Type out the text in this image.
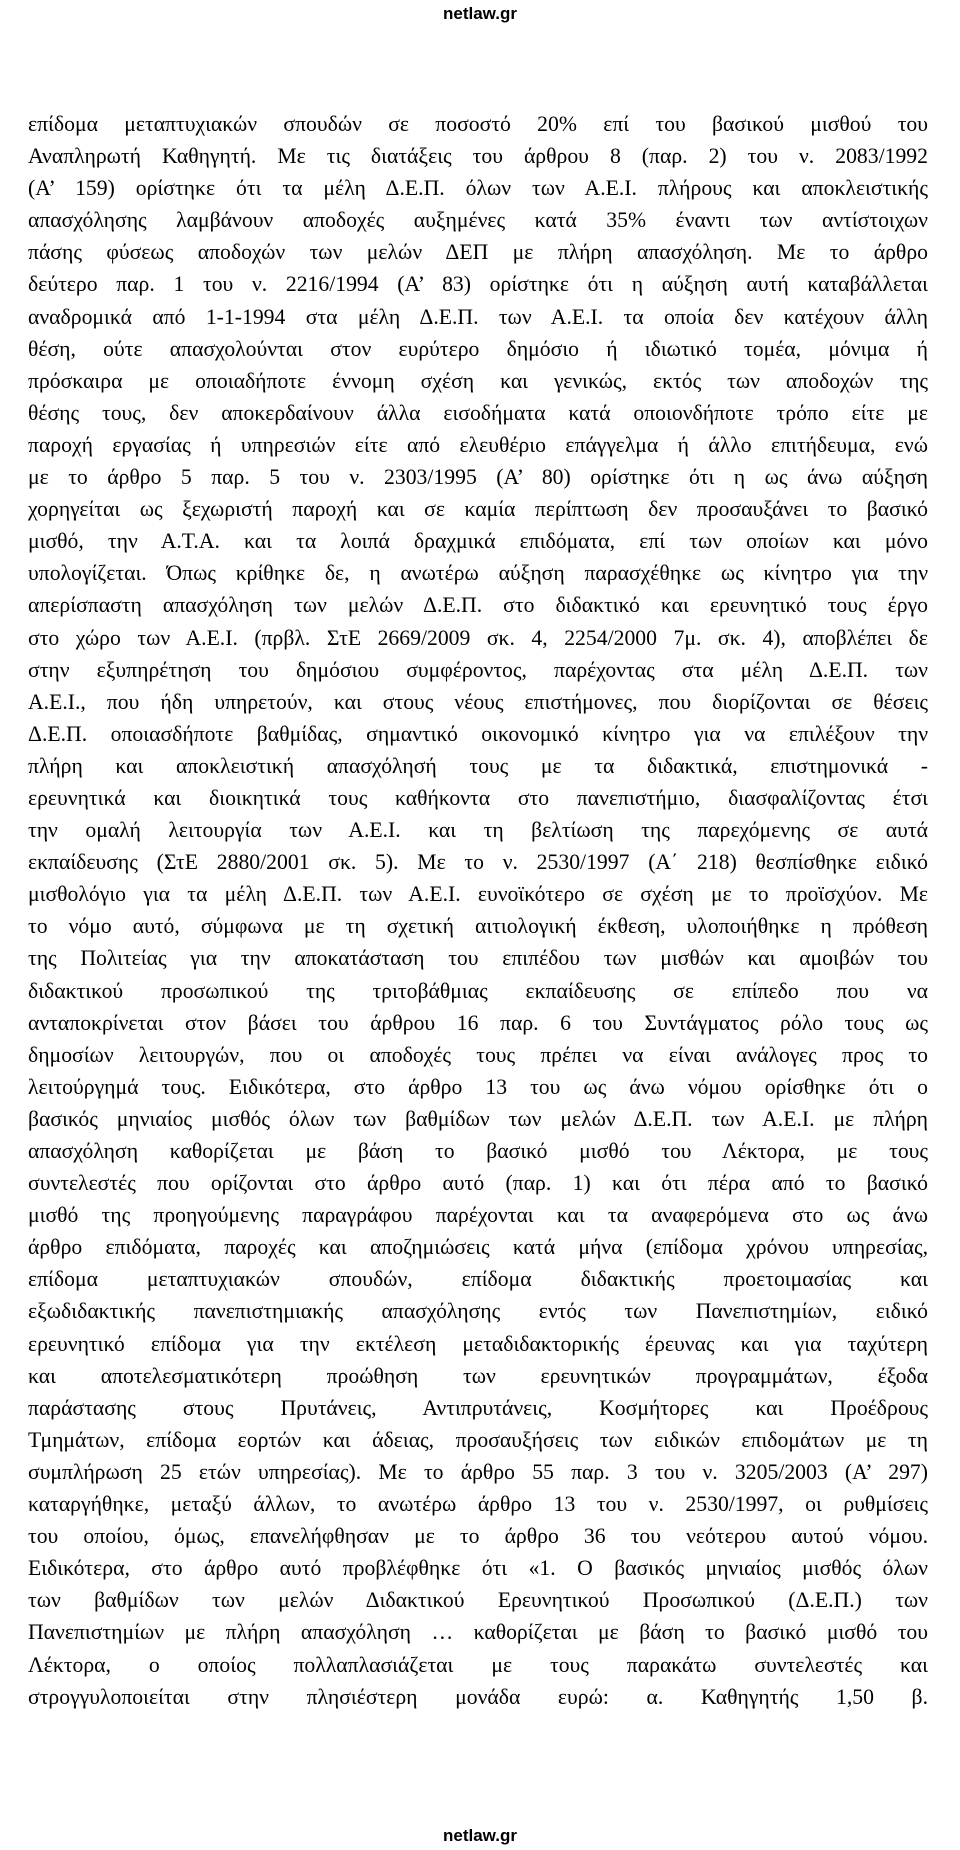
netlaw.gr
επίδομα μεταπτυχιακών σπουδών σε ποσοστό 20% επί του βασικού μισθού του
Αναπληρωτή Καθηγητή. Με τις διατάξεις του άρθρου 8 (παρ. 2) του ν. 2083/1992
(Α’ 159) ορίστηκε ότι τα μέλη Δ.Ε.Π. όλων των Α.Ε.Ι. πλήρους και αποκλειστικής
απασχόλησης λαμβάνουν αποδοχές αυξημένες κατά 35% έναντι των αντίστοιχων
πάσης φύσεως αποδοχών των μελών ΔΕΠ με πλήρη απασχόληση. Με το άρθρο
δεύτερο παρ. 1 του ν. 2216/1994 (Α’ 83) ορίστηκε ότι η αύξηση αυτή καταβάλλεται
αναδρομικά από 1-1-1994 στα μέλη Δ.Ε.Π. των Α.Ε.Ι. τα οποία δεν κατέχουν άλλη
θέση, ούτε απασχολούνται στον ευρύτερο δημόσιο ή ιδιωτικό τομέα, μόνιμα ή
πρόσκαιρα με οποιαδήποτε έννομη σχέση και γενικώς, εκτός των αποδοχών της
θέσης τους, δεν αποκερδαίνουν άλλα εισοδήματα κατά οποιονδήποτε τρόπο είτε με
παροχή εργασίας ή υπηρεσιών είτε από ελευθέριο επάγγελμα ή άλλο επιτήδευμα, ενώ
με το άρθρο 5 παρ. 5 του ν. 2303/1995 (Α’ 80) ορίστηκε ότι η ως άνω αύξηση
χορηγείται ως ξεχωριστή παροχή και σε καμία περίπτωση δεν προσαυξάνει το βασικό
μισθό, την Α.Τ.Α. και τα λοιπά δραχμικά επιδόματα, επί των οποίων και μόνο
υπολογίζεται. Όπως κρίθηκε δε, η ανωτέρω αύξηση παρασχέθηκε ως κίνητρο για την
απερίσπαστη απασχόληση των μελών Δ.Ε.Π. στο διδακτικό και ερευνητικό τους έργο
στο χώρο των Α.Ε.Ι. (πρβλ. ΣτΕ 2669/2009 σκ. 4, 2254/2000 7μ. σκ. 4), αποβλέπει δε
στην εξυπηρέτηση του δημόσιου συμφέροντος, παρέχοντας στα μέλη Δ.Ε.Π. των
Α.Ε.Ι., που ήδη υπηρετούν, και στους νέους επιστήμονες, που διορίζονται σε θέσεις
Δ.Ε.Π. οποιασδήποτε βαθμίδας, σημαντικό οικονομικό κίνητρο για να επιλέξουν την
πλήρη και αποκλειστική απασχόλησή τους με τα διδακτικά, επιστημονικά -
ερευνητικά και διοικητικά τους καθήκοντα στο πανεπιστήμιο, διασφαλίζοντας έτσι
την ομαλή λειτουργία των Α.Ε.Ι. και τη βελτίωση της παρεχόμενης σε αυτά
εκπαίδευσης (ΣτΕ 2880/2001 σκ. 5). Με το ν. 2530/1997 (Α΄ 218) θεσπίσθηκε ειδικό
μισθολόγιο για τα μέλη Δ.Ε.Π. των Α.Ε.Ι. ευνοϊκότερο σε σχέση με το προϊσχύον. Με
το νόμο αυτό, σύμφωνα με τη σχετική αιτιολογική έκθεση, υλοποιήθηκε η πρόθεση
της Πολιτείας για την αποκατάσταση του επιπέδου των μισθών και αμοιβών του
διδακτικού προσωπικού της τριτοβάθμιας εκπαίδευσης σε επίπεδο που να
ανταποκρίνεται στον βάσει του άρθρου 16 παρ. 6 του Συντάγματος ρόλο τους ως
δημοσίων λειτουργών, που οι αποδοχές τους πρέπει να είναι ανάλογες προς το
λειτούργημά τους. Ειδικότερα, στο άρθρο 13 του ως άνω νόμου ορίσθηκε ότι ο
βασικός μηνιαίος μισθός όλων των βαθμίδων των μελών Δ.Ε.Π. των Α.Ε.Ι. με πλήρη
απασχόληση καθορίζεται με βάση το βασικό μισθό του Λέκτορα, με τους
συντελεστές που ορίζονται στο άρθρο αυτό (παρ. 1) και ότι πέρα από το βασικό
μισθό της προηγούμενης παραγράφου παρέχονται και τα αναφερόμενα στο ως άνω
άρθρο επιδόματα, παροχές και αποζημιώσεις κατά μήνα (επίδομα χρόνου υπηρεσίας,
επίδομα μεταπτυχιακών σπουδών, επίδομα διδακτικής προετοιμασίας και
εξωδιδακτικής πανεπιστημιακής απασχόλησης εντός των Πανεπιστημίων, ειδικό
ερευνητικό επίδομα για την εκτέλεση μεταδιδακτορικής έρευνας και για ταχύτερη
και αποτελεσματικότερη προώθηση των ερευνητικών προγραμμάτων, έξοδα
παράστασης στους Πρυτάνεις, Αντιπρυτάνεις, Κοσμήτορες και Προέδρους
Τμημάτων, επίδομα εορτών και άδειας, προσαυξήσεις των ειδικών επιδομάτων με τη
συμπλήρωση 25 ετών υπηρεσίας). Με το άρθρο 55 παρ. 3 του ν. 3205/2003 (Α’ 297)
καταργήθηκε, μεταξύ άλλων, το ανωτέρω άρθρο 13 του ν. 2530/1997, οι ρυθμίσεις
του οποίου, όμως, επανελήφθησαν με το άρθρο 36 του νεότερου αυτού νόμου.
Ειδικότερα, στο άρθρο αυτό προβλέφθηκε ότι «1. Ο βασικός μηνιαίος μισθός όλων
των βαθμίδων των μελών Διδακτικού Ερευνητικού Προσωπικού (Δ.Ε.Π.) των
Πανεπιστημίων με πλήρη απασχόληση … καθορίζεται με βάση το βασικό μισθό του
Λέκτορα, ο οποίος πολλαπλασιάζεται με τους παρακάτω συντελεστές και
στρογγυλοποιείται στην πλησιέστερη μονάδα ευρώ: α. Καθηγητής 1,50 β.
netlaw.gr
